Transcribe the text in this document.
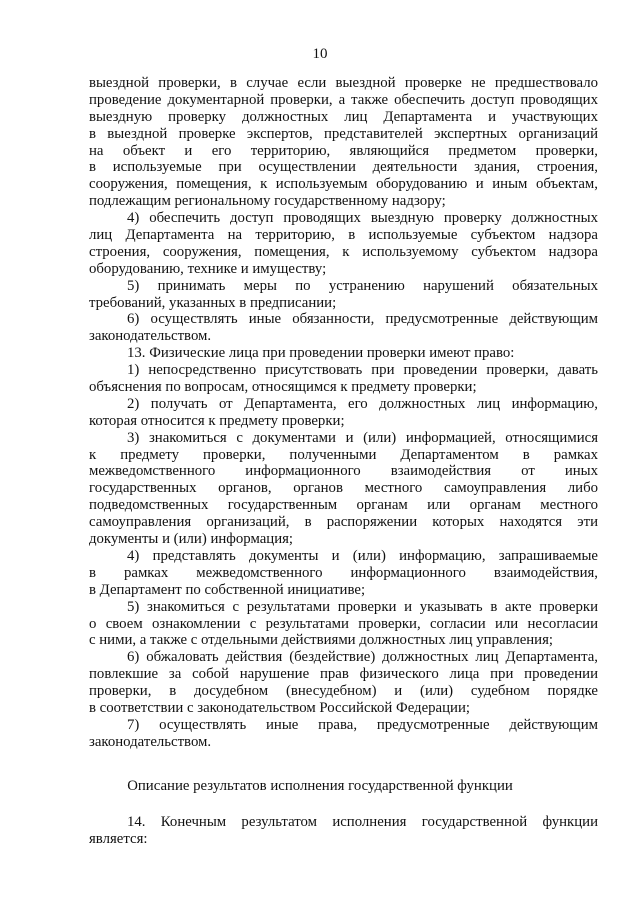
10
выездной проверки, в случае если выездной проверке не предшествовало
проведение документарной проверки, а также обеспечить доступ проводящих
выездную проверку должностных лиц Департамента и участвующих
в выездной проверке экспертов, представителей экспертных организаций
на объект и его территорию, являющийся предметом проверки,
в используемые при осуществлении деятельности здания, строения,
сооружения, помещения, к используемым оборудованию и иным объектам,
подлежащим региональному государственному надзору;
4) обеспечить доступ проводящих выездную проверку должностных
лиц Департамента на территорию, в используемые субъектом надзора
строения, сооружения, помещения, к используемому субъектом надзора
оборудованию, технике и имуществу;
5) принимать меры по устранению нарушений обязательных
требований, указанных в предписании;
6) осуществлять иные обязанности, предусмотренные действующим
законодательством.
13. Физические лица при проведении проверки имеют право:
1) непосредственно присутствовать при проведении проверки, давать
объяснения по вопросам, относящимся к предмету проверки;
2) получать от Департамента, его должностных лиц информацию,
которая относится к предмету проверки;
3) знакомиться с документами и (или) информацией, относящимися
к предмету проверки, полученными Департаментом в рамках
межведомственного информационного взаимодействия от иных
государственных органов, органов местного самоуправления либо
подведомственных государственным органам или органам местного
самоуправления организаций, в распоряжении которых находятся эти
документы и (или) информация;
4) представлять документы и (или) информацию, запрашиваемые
в рамках межведомственного информационного взаимодействия,
в Департамент по собственной инициативе;
5) знакомиться с результатами проверки и указывать в акте проверки
о своем ознакомлении с результатами проверки, согласии или несогласии
с ними, а также с отдельными действиями должностных лиц управления;
6) обжаловать действия (бездействие) должностных лиц Департамента,
повлекшие за собой нарушение прав физического лица при проведении
проверки, в досудебном (внесудебном) и (или) судебном порядке
в соответствии с законодательством Российской Федерации;
7) осуществлять иные права, предусмотренные действующим
законодательством.
Описание результатов исполнения государственной функции
14. Конечным результатом исполнения государственной функции
является:
